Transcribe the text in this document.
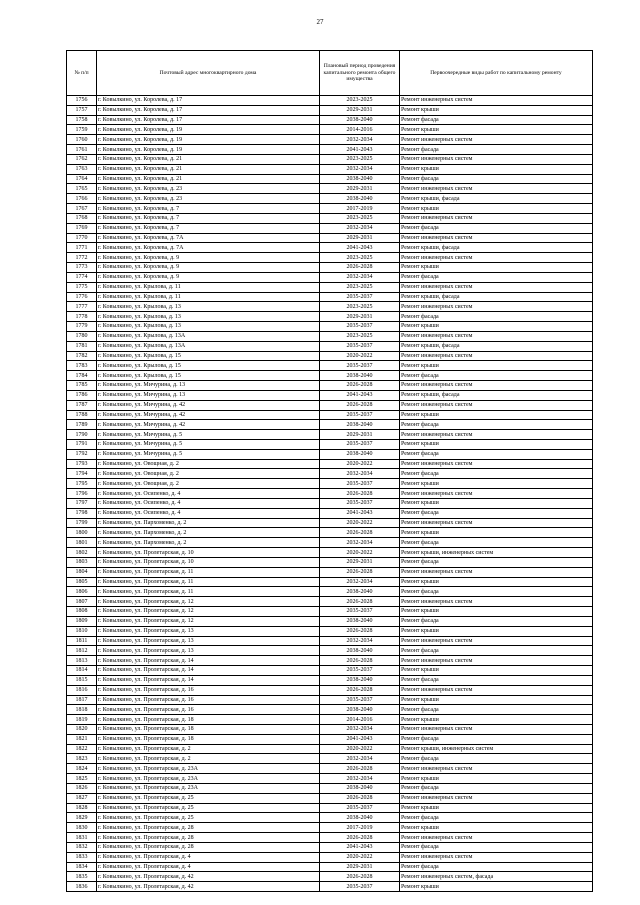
27
№ п/п	Почтовый адрес многоквартирного дома	Плановый период проведения капитального ремонта общего имущества	Первоочередные виды работ по капитальному ремонту
1756	г. Ковылкино, ул. Королева, д. 17	2023-2025	Ремонт инженерных систем
1757	г. Ковылкино, ул. Королева, д. 17	2029-2031	Ремонт крыши
1758	г. Ковылкино, ул. Королева, д. 17	2038-2040	Ремонт фасада
1759	г. Ковылкино, ул. Королева, д. 19	2014-2016	Ремонт крыши
1760	г. Ковылкино, ул. Королева, д. 19	2032-2034	Ремонт инженерных систем
1761	г. Ковылкино, ул. Королева, д. 19	2041-2043	Ремонт фасада
1762	г. Ковылкино, ул. Королева, д. 21	2023-2025	Ремонт инженерных систем
1763	г. Ковылкино, ул. Королева, д. 21	2032-2034	Ремонт крыши
1764	г. Ковылкино, ул. Королева, д. 21	2038-2040	Ремонт фасада
1765	г. Ковылкино, ул. Королева, д. 23	2029-2031	Ремонт инженерных систем
1766	г. Ковылкино, ул. Королева, д. 23	2038-2040	Ремонт крыши, фасада
1767	г. Ковылкино, ул. Королева, д. 7	2017-2019	Ремонт крыши
1768	г. Ковылкино, ул. Королева, д. 7	2023-2025	Ремонт инженерных систем
1769	г. Ковылкино, ул. Королева, д. 7	2032-2034	Ремонт фасада
1770	г. Ковылкино, ул. Королева, д. 7А	2029-2031	Ремонт инженерных систем
1771	г. Ковылкино, ул. Королева, д. 7А	2041-2043	Ремонт крыши, фасада
1772	г. Ковылкино, ул. Королева, д. 9	2023-2025	Ремонт инженерных систем
1773	г. Ковылкино, ул. Королева, д. 9	2026-2028	Ремонт крыши
1774	г. Ковылкино, ул. Королева, д. 9	2032-2034	Ремонт фасада
1775	г. Ковылкино, ул. Крылова, д. 11	2023-2025	Ремонт инженерных систем
1776	г. Ковылкино, ул. Крылова, д. 11	2035-2037	Ремонт крыши, фасада
1777	г. Ковылкино, ул. Крылова, д. 13	2023-2025	Ремонт инженерных систем
1778	г. Ковылкино, ул. Крылова, д. 13	2029-2031	Ремонт фасада
1779	г. Ковылкино, ул. Крылова, д. 13	2035-2037	Ремонт крыши
1780	г. Ковылкино, ул. Крылова, д. 13А	2023-2025	Ремонт инженерных систем
1781	г. Ковылкино, ул. Крылова, д. 13А	2035-2037	Ремонт крыши, фасада
1782	г. Ковылкино, ул. Крылова, д. 15	2020-2022	Ремонт инженерных систем
1783	г. Ковылкино, ул. Крылова, д. 15	2035-2037	Ремонт крыши
1784	г. Ковылкино, ул. Крылова, д. 15	2038-2040	Ремонт фасада
1785	г. Ковылкино, ул. Мичурина, д. 13	2026-2028	Ремонт инженерных систем
1786	г. Ковылкино, ул. Мичурина, д. 13	2041-2043	Ремонт крыши, фасада
1787	г. Ковылкино, ул. Мичурина, д. 42	2026-2028	Ремонт инженерных систем
1788	г. Ковылкино, ул. Мичурина, д. 42	2035-2037	Ремонт крыши
1789	г. Ковылкино, ул. Мичурина, д. 42	2038-2040	Ремонт фасада
1790	г. Ковылкино, ул. Мичурина, д. 5	2029-2031	Ремонт инженерных систем
1791	г. Ковылкино, ул. Мичурина, д. 5	2035-2037	Ремонт крыши
1792	г. Ковылкино, ул. Мичурина, д. 5	2038-2040	Ремонт фасада
1793	г. Ковылкино, ул. Овощная, д. 2	2020-2022	Ремонт инженерных систем
1794	г. Ковылкино, ул. Овощная, д. 2	2032-2034	Ремонт фасада
1795	г. Ковылкино, ул. Овощная, д. 2	2035-2037	Ремонт крыши
1796	г. Ковылкино, ул. Осипенко, д. 4	2026-2028	Ремонт инженерных систем
1797	г. Ковылкино, ул. Осипенко, д. 4	2035-2037	Ремонт крыши
1798	г. Ковылкино, ул. Осипенко, д. 4	2041-2043	Ремонт фасада
1799	г. Ковылкино, ул. Пархоменко, д. 2	2020-2022	Ремонт инженерных систем
1800	г. Ковылкино, ул. Пархоменко, д. 2	2026-2028	Ремонт крыши
1801	г. Ковылкино, ул. Пархоменко, д. 2	2032-2034	Ремонт фасада
1802	г. Ковылкино, ул. Пролетарская, д. 10	2020-2022	Ремонт крыши, инженерных систем
1803	г. Ковылкино, ул. Пролетарская, д. 10	2029-2031	Ремонт фасада
1804	г. Ковылкино, ул. Пролетарская, д. 11	2026-2028	Ремонт инженерных систем
1805	г. Ковылкино, ул. Пролетарская, д. 11	2032-2034	Ремонт крыши
1806	г. Ковылкино, ул. Пролетарская, д. 11	2038-2040	Ремонт фасада
1807	г. Ковылкино, ул. Пролетарская, д. 12	2026-2028	Ремонт инженерных систем
1808	г. Ковылкино, ул. Пролетарская, д. 12	2035-2037	Ремонт крыши
1809	г. Ковылкино, ул. Пролетарская, д. 12	2038-2040	Ремонт фасада
1810	г. Ковылкино, ул. Пролетарская, д. 13	2026-2028	Ремонт крыши
1811	г. Ковылкино, ул. Пролетарская, д. 13	2032-2034	Ремонт инженерных систем
1812	г. Ковылкино, ул. Пролетарская, д. 13	2038-2040	Ремонт фасада
1813	г. Ковылкино, ул. Пролетарская, д. 14	2026-2028	Ремонт инженерных систем
1814	г. Ковылкино, ул. Пролетарская, д. 14	2035-2037	Ремонт крыши
1815	г. Ковылкино, ул. Пролетарская, д. 14	2038-2040	Ремонт фасада
1816	г. Ковылкино, ул. Пролетарская, д. 16	2026-2028	Ремонт инженерных систем
1817	г. Ковылкино, ул. Пролетарская, д. 16	2035-2037	Ремонт крыши
1818	г. Ковылкино, ул. Пролетарская, д. 16	2038-2040	Ремонт фасада
1819	г. Ковылкино, ул. Пролетарская, д. 18	2014-2016	Ремонт крыши
1820	г. Ковылкино, ул. Пролетарская, д. 18	2032-2034	Ремонт инженерных систем
1821	г. Ковылкино, ул. Пролетарская, д. 18	2041-2043	Ремонт фасада
1822	г. Ковылкино, ул. Пролетарская, д. 2	2020-2022	Ремонт крыши, инженерных систем
1823	г. Ковылкино, ул. Пролетарская, д. 2	2032-2034	Ремонт фасада
1824	г. Ковылкино, ул. Пролетарская, д. 23А	2026-2028	Ремонт инженерных систем
1825	г. Ковылкино, ул. Пролетарская, д. 23А	2032-2034	Ремонт крыши
1826	г. Ковылкино, ул. Пролетарская, д. 23А	2038-2040	Ремонт фасада
1827	г. Ковылкино, ул. Пролетарская, д. 25	2026-2028	Ремонт инженерных систем
1828	г. Ковылкино, ул. Пролетарская, д. 25	2035-2037	Ремонт крыши
1829	г. Ковылкино, ул. Пролетарская, д. 25	2038-2040	Ремонт фасада
1830	г. Ковылкино, ул. Пролетарская, д. 28	2017-2019	Ремонт крыши
1831	г. Ковылкино, ул. Пролетарская, д. 28	2026-2028	Ремонт инженерных систем
1832	г. Ковылкино, ул. Пролетарская, д. 28	2041-2043	Ремонт фасада
1833	г. Ковылкино, ул. Пролетарская, д. 4	2020-2022	Ремонт инженерных систем
1834	г. Ковылкино, ул. Пролетарская, д. 4	2029-2031	Ремонт фасада
1835	г. Ковылкино, ул. Пролетарская, д. 42	2026-2028	Ремонт инженерных систем, фасада
1836	г. Ковылкино, ул. Пролетарская, д. 42	2035-2037	Ремонт крыши
